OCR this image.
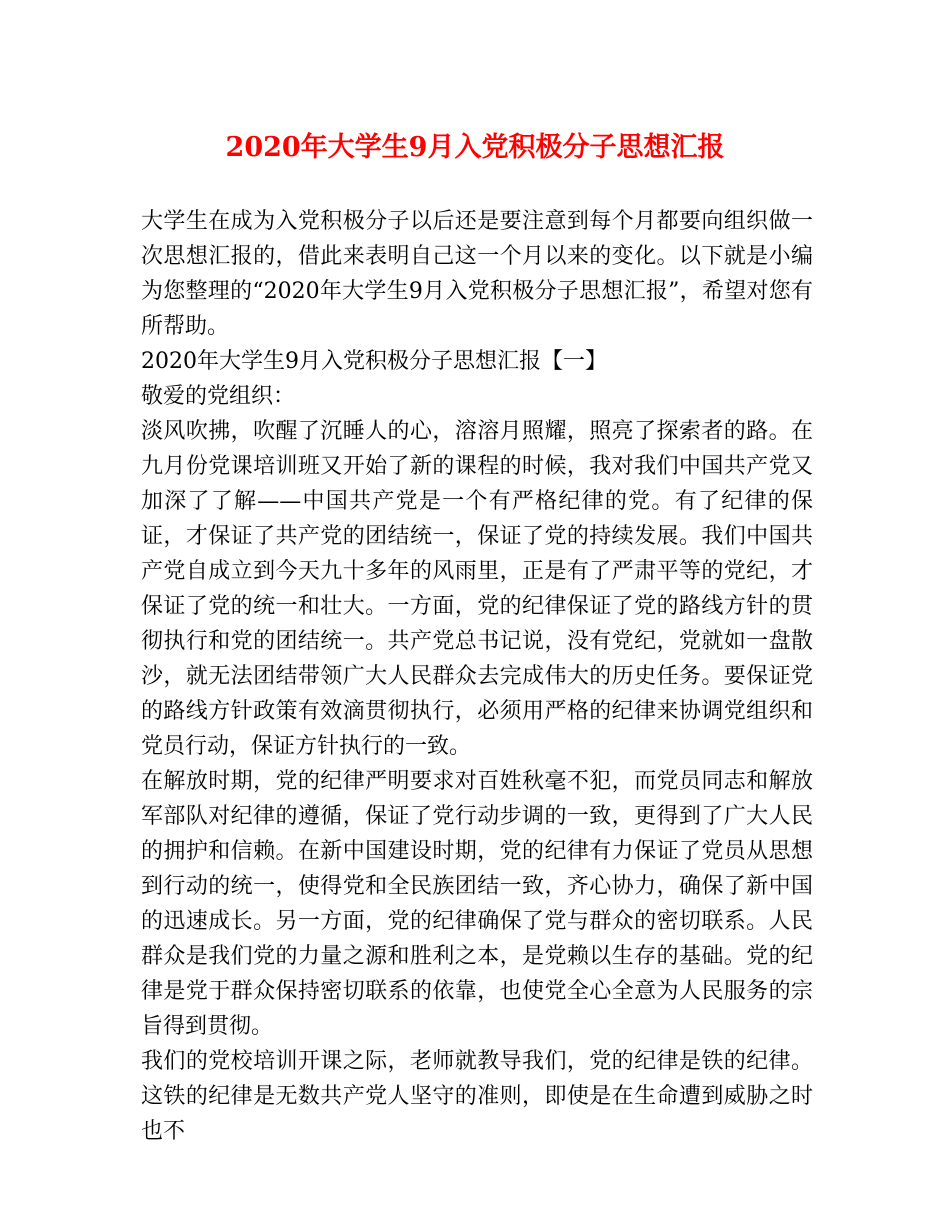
2020年大学生9月入党积极分子思想汇报

大学生在成为入党积极分子以后还是要注意到每个月都要向组织做一次思想汇报的，借此来表明自己这一个月以来的变化。以下就是小编为您整理的“2020年大学生9月入党积极分子思想汇报”，希望对您有所帮助。

2020年大学生9月入党积极分子思想汇报【一】

敬爱的党组织：

淡风吹拂，吹醒了沉睡人的心，溶溶月照耀，照亮了探索者的路。在九月份党课培训班又开始了新的课程的时候，我对我们中国共产党又加深了了解——中国共产党是一个有严格纪律的党。有了纪律的保证，才保证了共产党的团结统一，保证了党的持续发展。我们中国共产党自成立到今天九十多年的风雨里，正是有了严肃平等的党纪，才保证了党的统一和壮大。一方面，党的纪律保证了党的路线方针的贯彻执行和党的团结统一。共产党总书记说，没有党纪，党就如一盘散沙，就无法团结带领广大人民群众去完成伟大的历史任务。要保证党的路线方针政策有效滴贯彻执行，必须用严格的纪律来协调党组织和党员行动，保证方针执行的一致。

在解放时期，党的纪律严明要求对百姓秋毫不犯，而党员同志和解放军部队对纪律的遵循，保证了党行动步调的一致，更得到了广大人民的拥护和信赖。在新中国建设时期，党的纪律有力保证了党员从思想到行动的统一，使得党和全民族团结一致，齐心协力，确保了新中国的迅速成长。另一方面，党的纪律确保了党与群众的密切联系。人民群众是我们党的力量之源和胜利之本，是党赖以生存的基础。党的纪律是党于群众保持密切联系的依靠，也使党全心全意为人民服务的宗旨得到贯彻。

我们的党校培训开课之际，老师就教导我们，党的纪律是铁的纪律。这铁的纪律是无数共产党人坚守的准则，即使是在生命遭到威胁之时也不
